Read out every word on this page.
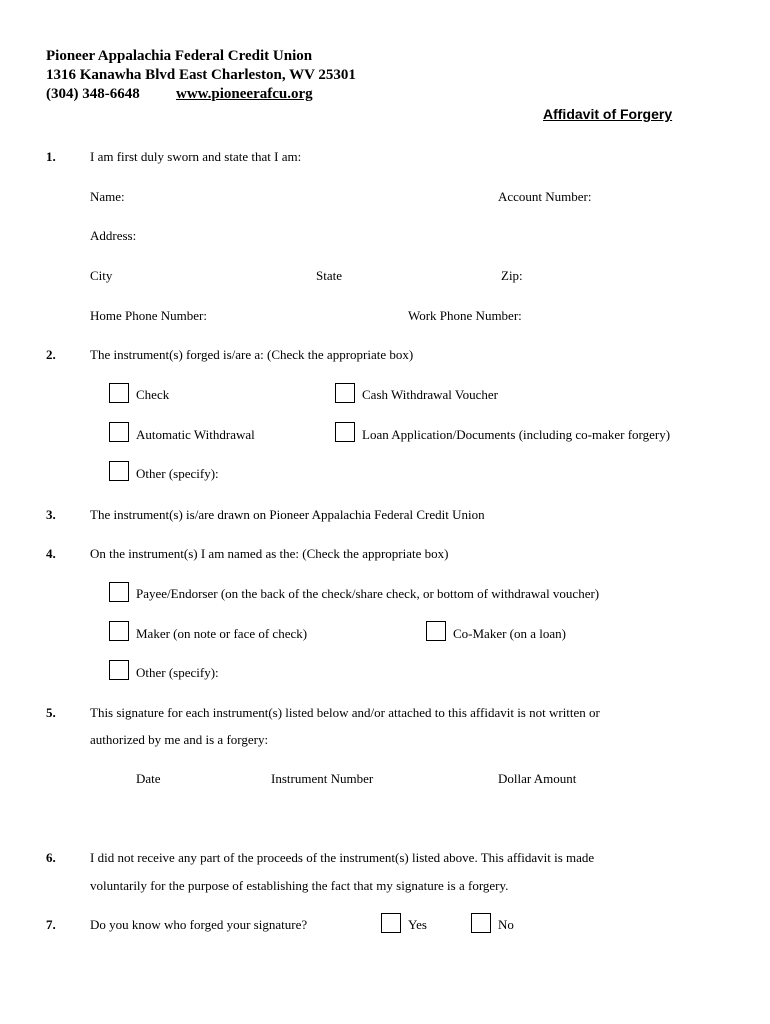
Pioneer Appalachia Federal Credit Union
1316 Kanawha Blvd East Charleston, WV 25301
(304) 348-6648 www.pioneerafcu.org
Affidavit of Forgery
1.	I am first duly sworn and state that I am:
Name:	Account Number:
Address:
City	State	Zip:
Home Phone Number:	Work Phone Number:
2.	The instrument(s) forged is/are a: (Check the appropriate box)
Check	Cash Withdrawal Voucher
Automatic Withdrawal	Loan Application/Documents (including co-maker forgery)
Other (specify):
3.	The instrument(s) is/are drawn on Pioneer Appalachia Federal Credit Union
4.	On the instrument(s) I am named as the: (Check the appropriate box)
Payee/Endorser (on the back of the check/share check, or bottom of withdrawal voucher)
Maker (on note or face of check)	Co-Maker (on a loan)
Other (specify):
5.	This signature for each instrument(s) listed below and/or attached to this affidavit is not written or
authorized by me and is a forgery:
Date	Instrument Number	Dollar Amount
6.	I did not receive any part of the proceeds of the instrument(s) listed above. This affidavit is made
voluntarily for the purpose of establishing the fact that my signature is a forgery.
7.	Do you know who forged your signature?	Yes	No
